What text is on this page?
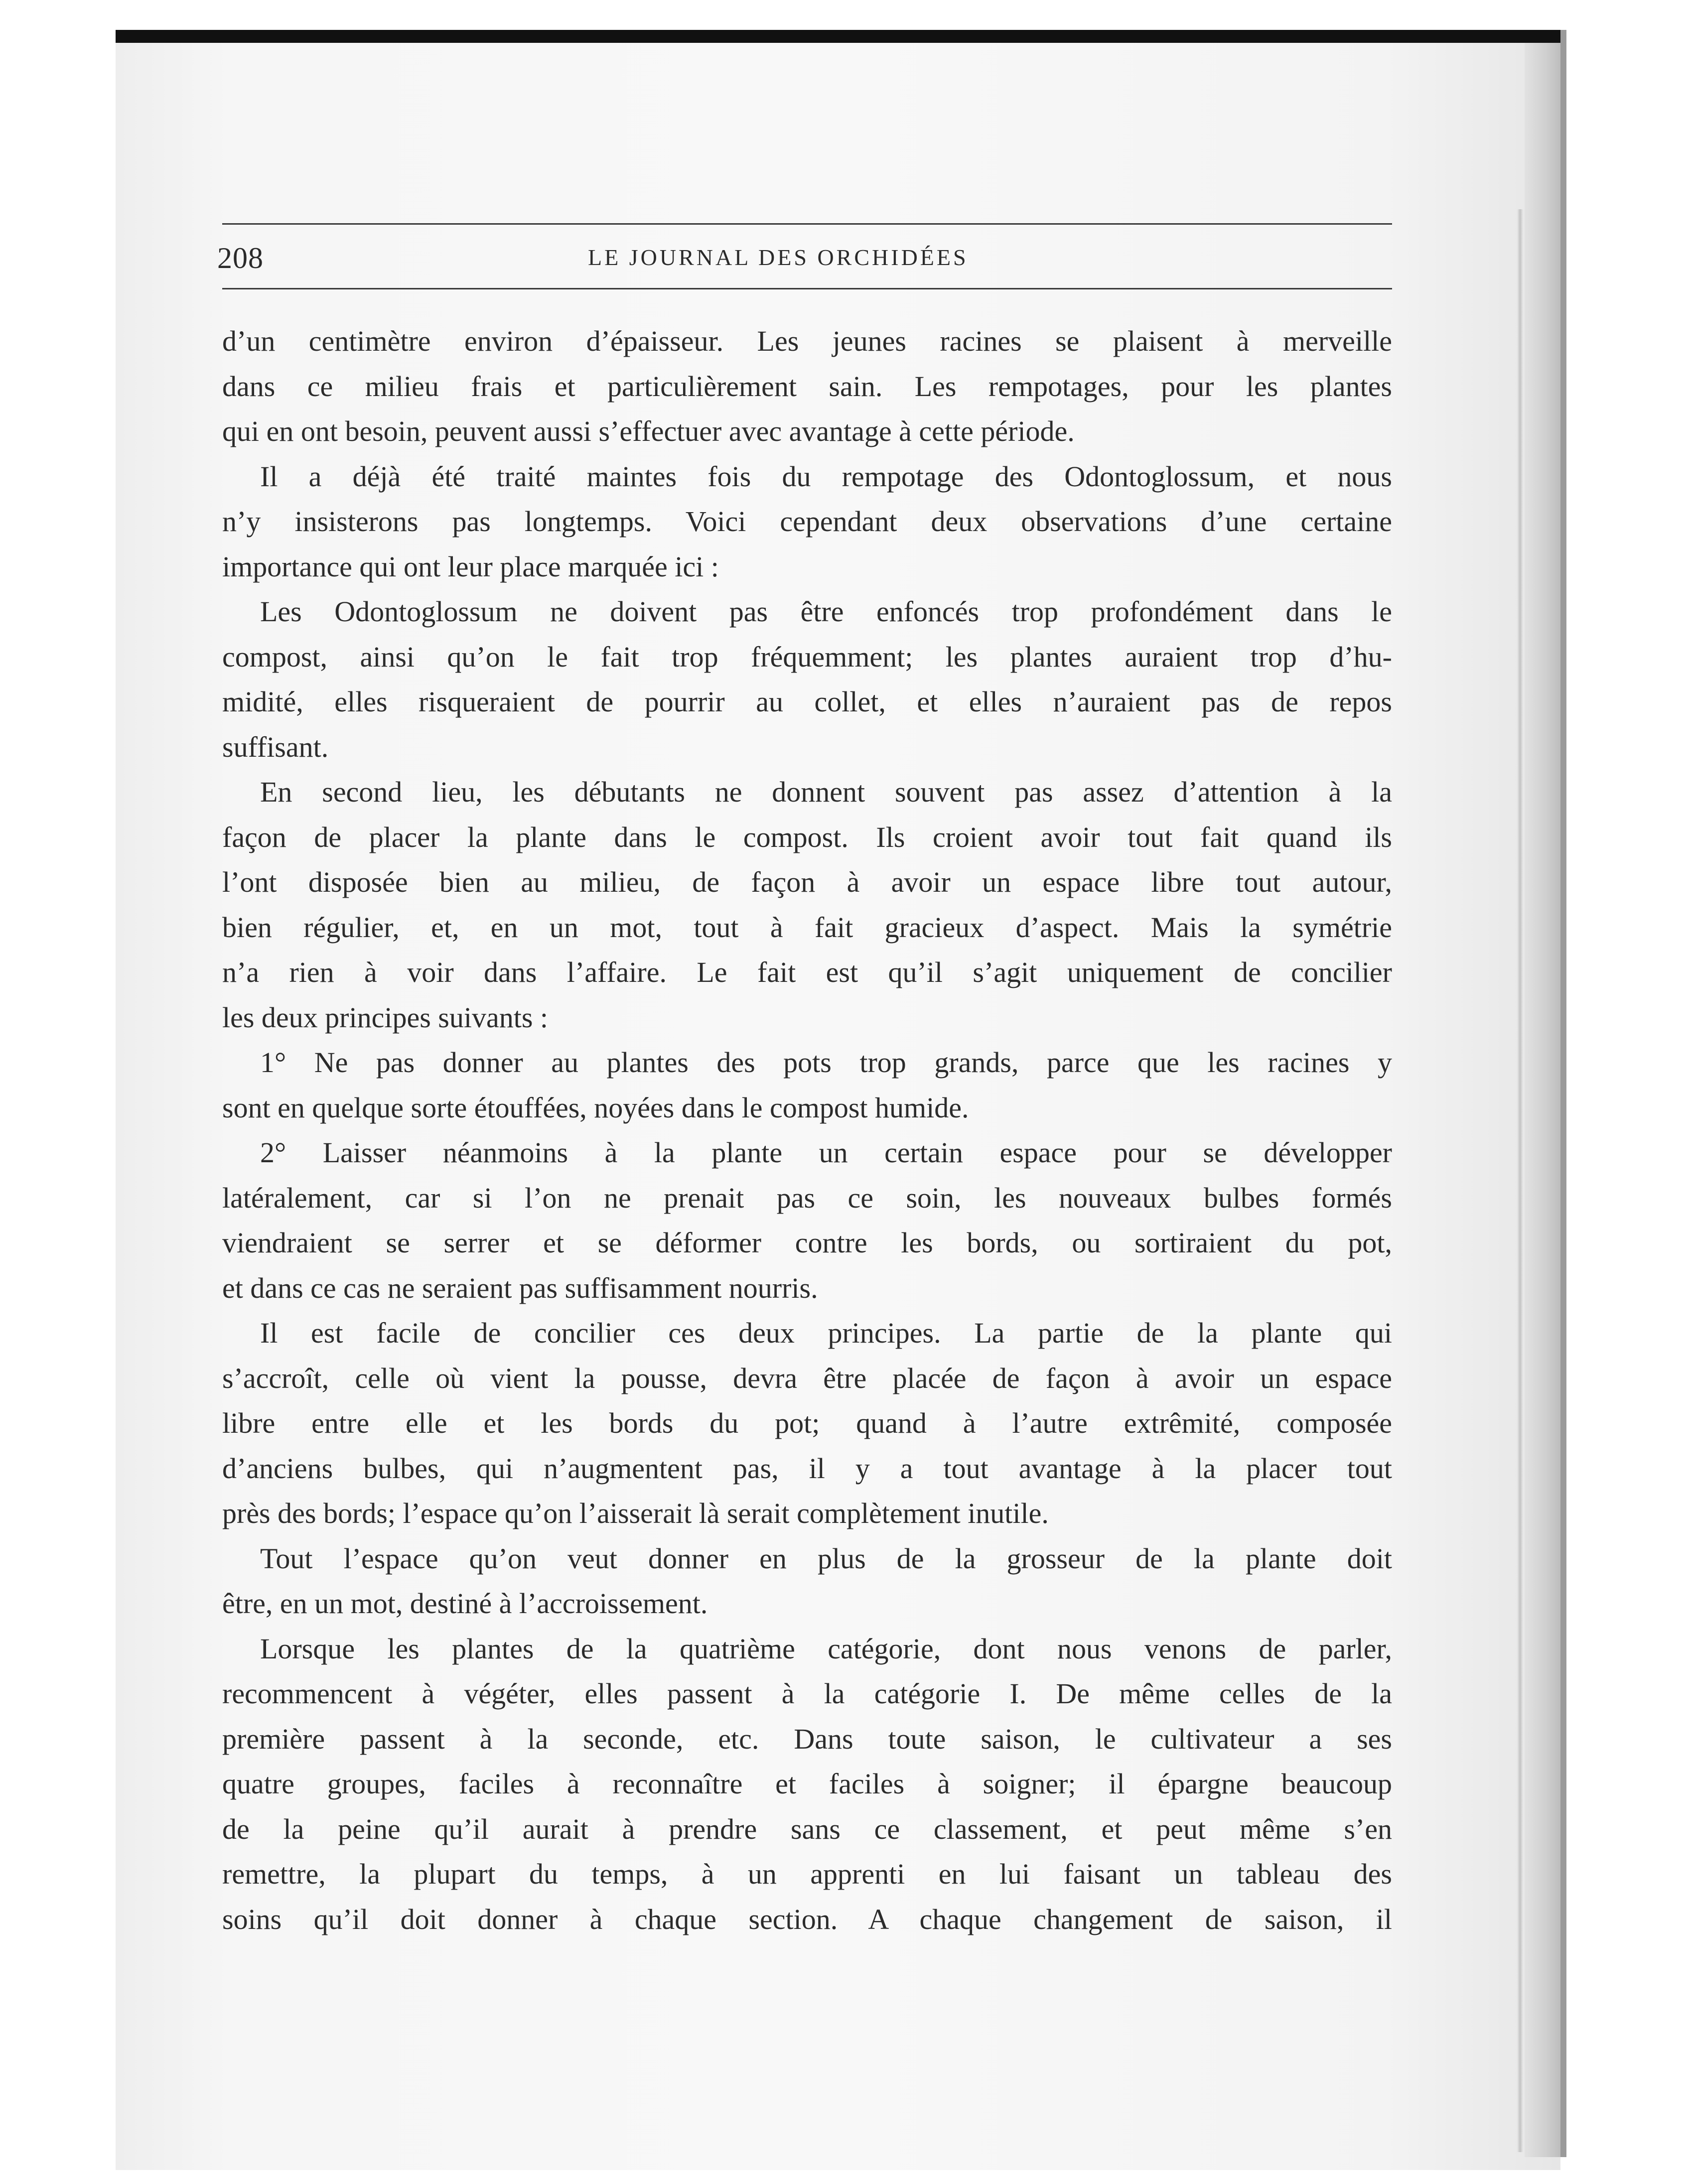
208	LE JOURNAL DES ORCHIDÉES
d’un centimètre environ d’épaisseur. Les jeunes racines se plaisent à merveille
dans ce milieu frais et particulièrement sain. Les rempotages, pour les plantes
qui en ont besoin, peuvent aussi s’effectuer avec avantage à cette période.
Il a déjà été traité maintes fois du rempotage des Odontoglossum, et nous
n’y insisterons pas longtemps. Voici cependant deux observations d’une certaine
importance qui ont leur place marquée ici :
Les Odontoglossum ne doivent pas être enfoncés trop profondément dans le
compost, ainsi qu’on le fait trop fréquemment; les plantes auraient trop d’hu-
midité, elles risqueraient de pourrir au collet, et elles n’auraient pas de repos
suffisant.
En second lieu, les débutants ne donnent souvent pas assez d’attention à la
façon de placer la plante dans le compost. Ils croient avoir tout fait quand ils
l’ont disposée bien au milieu, de façon à avoir un espace libre tout autour,
bien régulier, et, en un mot, tout à fait gracieux d’aspect. Mais la symétrie
n’a rien à voir dans l’affaire. Le fait est qu’il s’agit uniquement de concilier
les deux principes suivants :
1° Ne pas donner au plantes des pots trop grands, parce que les racines y
sont en quelque sorte étouffées, noyées dans le compost humide.
2° Laisser néanmoins à la plante un certain espace pour se développer
latéralement, car si l’on ne prenait pas ce soin, les nouveaux bulbes formés
viendraient se serrer et se déformer contre les bords, ou sortiraient du pot,
et dans ce cas ne seraient pas suffisamment nourris.
Il est facile de concilier ces deux principes. La partie de la plante qui
s’accroît, celle où vient la pousse, devra être placée de façon à avoir un espace
libre entre elle et les bords du pot; quand à l’autre extrêmité, composée
d’anciens bulbes, qui n’augmentent pas, il y a tout avantage à la placer tout
près des bords; l’espace qu’on l’aisserait là serait complètement inutile.
Tout l’espace qu’on veut donner en plus de la grosseur de la plante doit
être, en un mot, destiné à l’accroissement.
Lorsque les plantes de la quatrième catégorie, dont nous venons de parler,
recommencent à végéter, elles passent à la catégorie I. De même celles de la
première passent à la seconde, etc. Dans toute saison, le cultivateur a ses
quatre groupes, faciles à reconnaître et faciles à soigner; il épargne beaucoup
de la peine qu’il aurait à prendre sans ce classement, et peut même s’en
remettre, la plupart du temps, à un apprenti en lui faisant un tableau des
soins qu’il doit donner à chaque section. A chaque changement de saison, il
